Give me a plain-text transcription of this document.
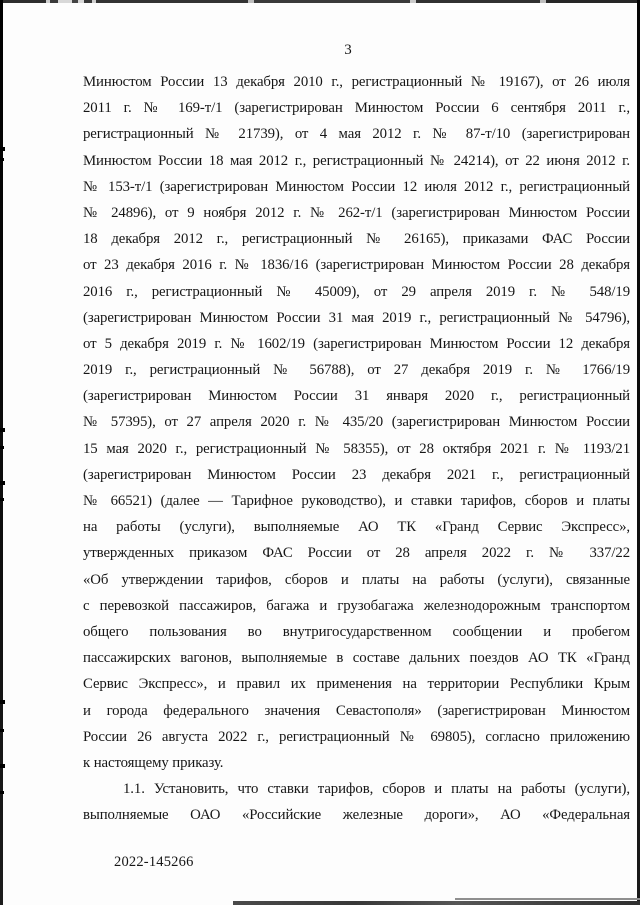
3
Минюстом России 13 декабря 2010 г., регистрационный № 19167), от 26 июля
2011 г. № 169-т/1 (зарегистрирован Минюстом России 6 сентября 2011 г.,
регистрационный № 21739), от 4 мая 2012 г. № 87-т/10 (зарегистрирован
Минюстом России 18 мая 2012 г., регистрационный № 24214), от 22 июня 2012 г.
№ 153-т/1 (зарегистрирован Минюстом России 12 июля 2012 г., регистрационный
№ 24896), от 9 ноября 2012 г. № 262-т/1 (зарегистрирован Минюстом России
18 декабря 2012 г., регистрационный № 26165), приказами ФАС России
от 23 декабря 2016 г. № 1836/16 (зарегистрирован Минюстом России 28 декабря
2016 г., регистрационный № 45009), от 29 апреля 2019 г. № 548/19
(зарегистрирован Минюстом России 31 мая 2019 г., регистрационный № 54796),
от 5 декабря 2019 г. № 1602/19 (зарегистрирован Минюстом России 12 декабря
2019 г., регистрационный № 56788), от 27 декабря 2019 г. № 1766/19
(зарегистрирован Минюстом России 31 января 2020 г., регистрационный
№ 57395), от 27 апреля 2020 г. № 435/20 (зарегистрирован Минюстом России
15 мая 2020 г., регистрационный № 58355), от 28 октября 2021 г. № 1193/21
(зарегистрирован Минюстом России 23 декабря 2021 г., регистрационный
№ 66521) (далее — Тарифное руководство), и ставки тарифов, сборов и платы
на работы (услуги), выполняемые АО ТК «Гранд Сервис Экспресс»,
утвержденных приказом ФАС России от 28 апреля 2022 г. № 337/22
«Об утверждении тарифов, сборов и платы на работы (услуги), связанные
с перевозкой пассажиров, багажа и грузобагажа железнодорожным транспортом
общего пользования во внутригосударственном сообщении и пробегом
пассажирских вагонов, выполняемые в составе дальних поездов АО ТК «Гранд
Сервис Экспресс», и правил их применения на территории Республики Крым
и города федерального значения Севастополя» (зарегистрирован Минюстом
России 26 августа 2022 г., регистрационный № 69805), согласно приложению
к настоящему приказу.
1.1. Установить, что ставки тарифов, сборов и платы на работы (услуги),
выполняемые ОАО «Российские железные дороги», АО «Федеральная
2022-145266
